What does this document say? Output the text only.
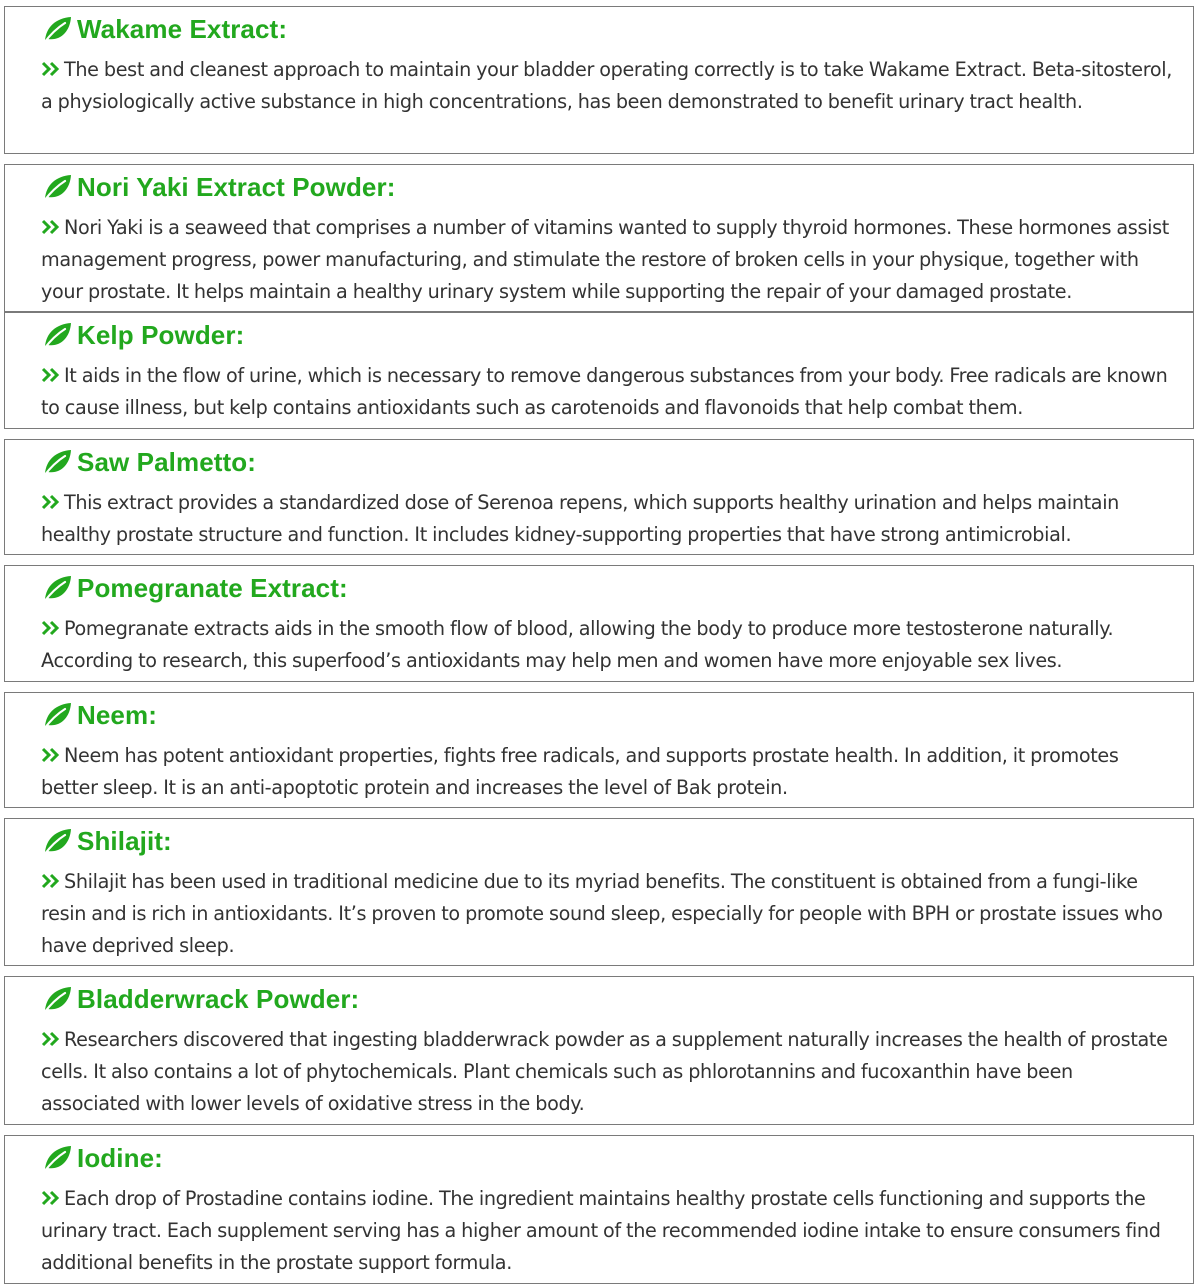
Wakame Extract:
The best and cleanest approach to maintain your bladder operating correctly is to take Wakame Extract. Beta-sitosterol, a physiologically active substance in high concentrations, has been demonstrated to benefit urinary tract health.
Nori Yaki Extract Powder:
Nori Yaki is a seaweed that comprises a number of vitamins wanted to supply thyroid hormones. These hormones assist management progress, power manufacturing, and stimulate the restore of broken cells in your physique, together with your prostate. It helps maintain a healthy urinary system while supporting the repair of your damaged prostate.
Kelp Powder:
It aids in the flow of urine, which is necessary to remove dangerous substances from your body. Free radicals are known to cause illness, but kelp contains antioxidants such as carotenoids and flavonoids that help combat them.
Saw Palmetto:
This extract provides a standardized dose of Serenoa repens, which supports healthy urination and helps maintain healthy prostate structure and function. It includes kidney-supporting properties that have strong antimicrobial.
Pomegranate Extract:
Pomegranate extracts aids in the smooth flow of blood, allowing the body to produce more testosterone naturally. According to research, this superfood’s antioxidants may help men and women have more enjoyable sex lives.
Neem:
Neem has potent antioxidant properties, fights free radicals, and supports prostate health. In addition, it promotes better sleep. It is an anti-apoptotic protein and increases the level of Bak protein.
Shilajit:
Shilajit has been used in traditional medicine due to its myriad benefits. The constituent is obtained from a fungi-like resin and is rich in antioxidants. It’s proven to promote sound sleep, especially for people with BPH or prostate issues who have deprived sleep.
Bladderwrack Powder:
Researchers discovered that ingesting bladderwrack powder as a supplement naturally increases the health of prostate cells. It also contains a lot of phytochemicals. Plant chemicals such as phlorotannins and fucoxanthin have been associated with lower levels of oxidative stress in the body.
Iodine:
Each drop of Prostadine contains iodine. The ingredient maintains healthy prostate cells functioning and supports the urinary tract. Each supplement serving has a higher amount of the recommended iodine intake to ensure consumers find additional benefits in the prostate support formula.
